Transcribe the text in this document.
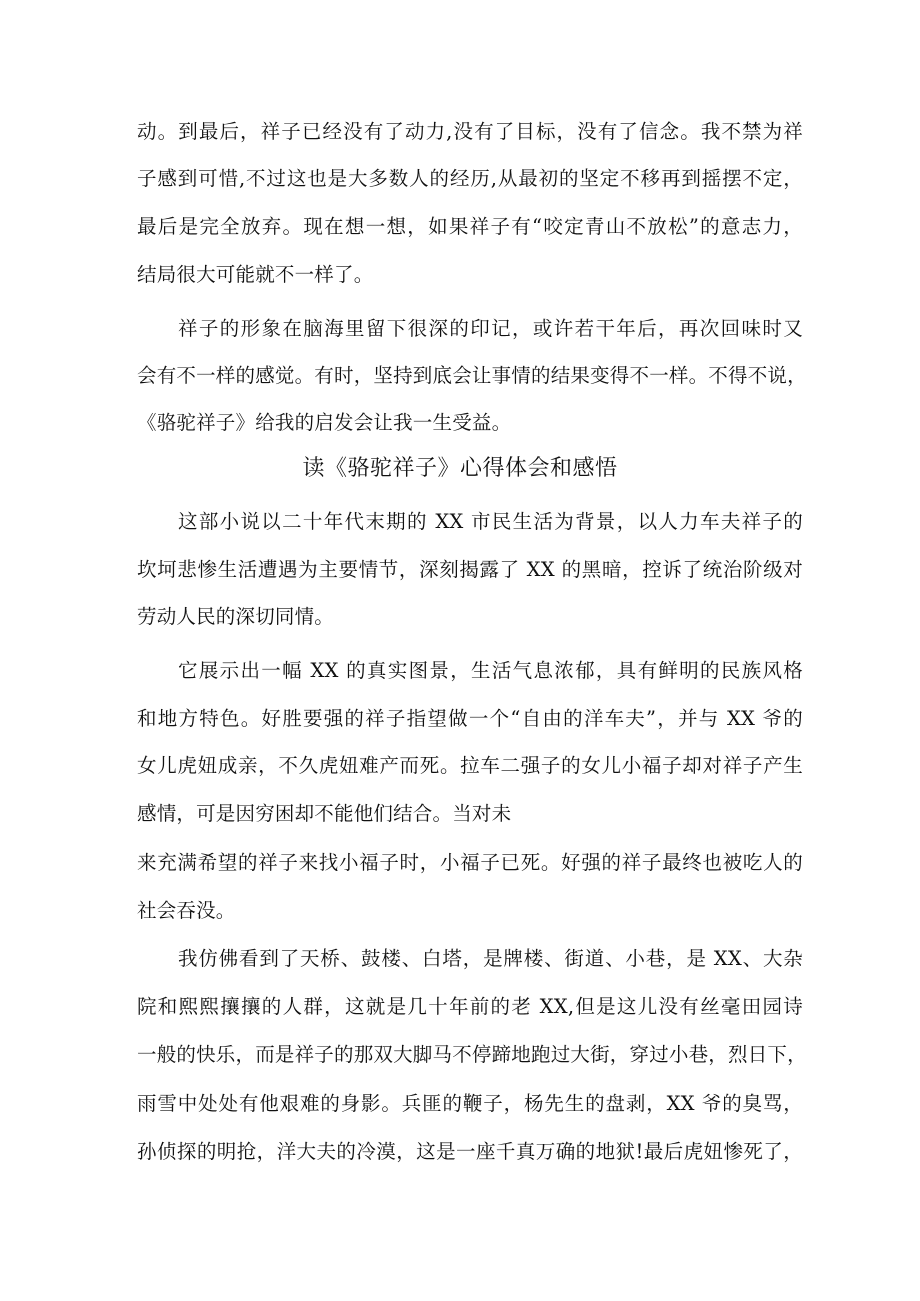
动。到最后，祥子已经没有了动力,没有了目标，没有了信念。我不禁为祥
子感到可惜,不过这也是大多数人的经历,从最初的坚定不移再到摇摆不定，
最后是完全放弃。现在想一想，如果祥子有“咬定青山不放松”的意志力，
结局很大可能就不一样了。
祥子的形象在脑海里留下很深的印记，或许若干年后，再次回味时又
会有不一样的感觉。有时，坚持到底会让事情的结果变得不一样。不得不说，
《骆驼祥子》给我的启发会让我一生受益。
读《骆驼祥子》心得体会和感悟
这部小说以二十年代末期的 XX 市民生活为背景，以人力车夫祥子的
坎坷悲惨生活遭遇为主要情节，深刻揭露了 XX 的黑暗，控诉了统治阶级对
劳动人民的深切同情。
它展示出一幅 XX 的真实图景，生活气息浓郁，具有鲜明的民族风格
和地方特色。好胜要强的祥子指望做一个“自由的洋车夫”，并与 XX 爷的
女儿虎妞成亲，不久虎妞难产而死。拉车二强子的女儿小福子却对祥子产生
感情，可是因穷困却不能他们结合。当对未
来充满希望的祥子来找小福子时，小福子已死。好强的祥子最终也被吃人的
社会吞没。
我仿佛看到了天桥、鼓楼、白塔，是牌楼、街道、小巷，是 XX、大杂
院和熙熙攘攘的人群，这就是几十年前的老 XX,但是这儿没有丝毫田园诗
一般的快乐，而是祥子的那双大脚马不停蹄地跑过大街，穿过小巷，烈日下，
雨雪中处处有他艰难的身影。兵匪的鞭子，杨先生的盘剥，XX 爷的臭骂，
孙侦探的明抢，洋大夫的冷漠，这是一座千真万确的地狱!最后虎妞惨死了，
